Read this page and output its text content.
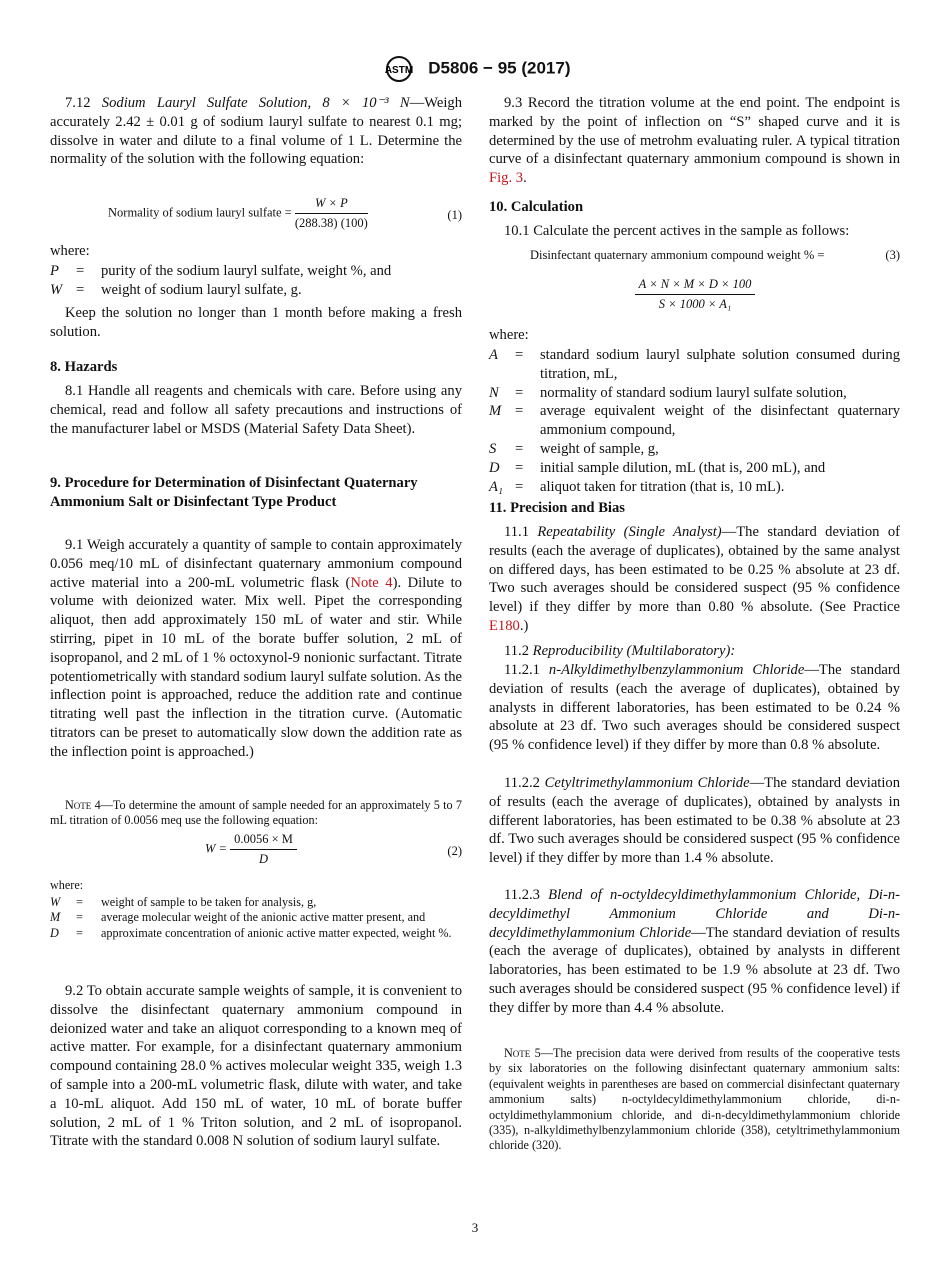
ASTM D5806 − 95 (2017)
7.12 Sodium Lauryl Sulfate Solution, 8 × 10⁻³ N—Weigh accurately 2.42 ± 0.01 g of sodium lauryl sulfate to nearest 0.1 mg; dissolve in water and dilute to a final volume of 1 L. Determine the normality of the solution with the following equation:
Normality of sodium lauryl sulfate = $\frac{W \times P}{(288.38) (100)}$	(1)
where:
P	=	purity of the sodium lauryl sulfate, weight %, and
W =	weight of sodium lauryl sulfate, g.
Keep the solution no longer than 1 month before making a fresh solution.
8. Hazards
8.1 Handle all reagents and chemicals with care. Before using any chemical, read and follow all safety precautions and instructions of the manufacturer label or MSDS (Material Safety Data Sheet).
9. Procedure for Determination of Disinfectant Quaternary Ammonium Salt or Disinfectant Type Product
9.1 Weigh accurately a quantity of sample to contain approximately 0.056 meq/10 mL of disinfectant quaternary ammonium compound active material into a 200-mL volumetric flask (Note 4). Dilute to volume with deionized water. Mix well. Pipet the corresponding aliquot, then add approximately 150 mL of water and stir. While stirring, pipet in 10 mL of the borate buffer solution, 2 mL of isopropanol, and 2 mL of 1 % octoxynol-9 nonionic surfactant. Titrate potentiometrically with standard sodium lauryl sulfate solution. As the inflection point is approached, reduce the addition rate and continue titrating well past the inflection in the titration curve. (Automatic titrators can be preset to automatically slow down the addition rate as the inflection point is approached.)
Note 4—To determine the amount of sample needed for an approximately 5 to 7 mL titration of 0.0056 meq use the following equation:
$W = \frac{0.0056 \times M}{D}$	(2)
where:
W	=	weight of sample to be taken for analysis, g,
M	=	average molecular weight of the anionic active matter present, and
D	=	approximate concentration of anionic active matter expected, weight %.
9.2 To obtain accurate sample weights of sample, it is convenient to dissolve the disinfectant quaternary ammonium compound in deionized water and take an aliquot corresponding to a known meq of active matter. For example, for a disinfectant quaternary ammonium compound containing 28.0 % actives molecular weight 335, weigh 1.3 of sample into a 200-mL volumetric flask, dilute with water, and take a 10-mL aliquot. Add 150 mL of water, 10 mL of borate buffer solution, 2 mL of 1 % Triton solution, and 2 mL of isopropanol. Titrate with the standard 0.008 N solution of sodium lauryl sulfate.
9.3 Record the titration volume at the end point. The endpoint is marked by the point of inflection on “S” shaped curve and it is determined by the use of metrohm evaluating ruler. A typical titration curve of a disinfectant quaternary ammonium compound is shown in Fig. 3.
10. Calculation
10.1 Calculate the percent actives in the sample as follows:
Disinfectant quaternary ammonium compound weight % =	(3)
$\frac{A \times N \times M \times D \times 100}{\text{S × 1000 × A₁}}$
where:
A	=	standard sodium lauryl sulphate solution consumed during titration, mL,
N	=	normality of standard sodium lauryl sulfate solution,
M =	average equivalent weight of the disinfectant quaternary ammonium compound,
S	=	weight of sample, g,
D	=	initial sample dilution, mL (that is, 200 mL), and
A₁ =	aliquot taken for titration (that is, 10 mL).
11. Precision and Bias
11.1 Repeatability (Single Analyst)—The standard deviation of results (each the average of duplicates), obtained by the same analyst on differed days, has been estimated to be 0.25 % absolute at 23 df. Two such averages should be considered suspect (95 % confidence level) if they differ by more than 0.80 % absolute. (See Practice E180.)
11.2 Reproducibility (Multilaboratory):
11.2.1 n-Alkyldimethylbenzylammonium Chloride—The standard deviation of results (each the average of duplicates), obtained by analysts in different laboratories, has been estimated to be 0.24 % absolute at 23 df. Two such averages should be considered suspect (95 % confidence level) if they differ by more than 0.8 % absolute.
11.2.2 Cetyltrimethylammonium Chloride—The standard deviation of results (each the average of duplicates), obtained by analysts in different laboratories, has been estimated to be 0.38 % absolute at 23 df. Two such averages should be considered suspect (95 % confidence level) if they differ by more than 1.4 % absolute.
11.2.3 Blend of n-octyldecyldimethylammonium Chloride, Di-n-decyldimethyl Ammonium Chloride and Di-n-decyldimethylammonium Chloride—The standard deviation of results (each the average of duplicates), obtained by analysts in different laboratories, has been estimated to be 1.9 % absolute at 23 df. Two such averages should be considered suspect (95 % confidence level) if they differ by more than 4.4 % absolute.
Note 5—The precision data were derived from results of the cooperative tests by six laboratories on the following disinfectant quaternary ammonium salts: (equivalent weights in parentheses are based on commercial disinfectant quaternary ammonium salts) n-octyldecyldimethylammonium chloride, di-n-octyldimethylammonium chloride, and di-n-decyldimethylammonium chloride (335), n-alkyldimethylbenzylammonium chloride (358), cetyltrimethylammonium chloride (320).
3
